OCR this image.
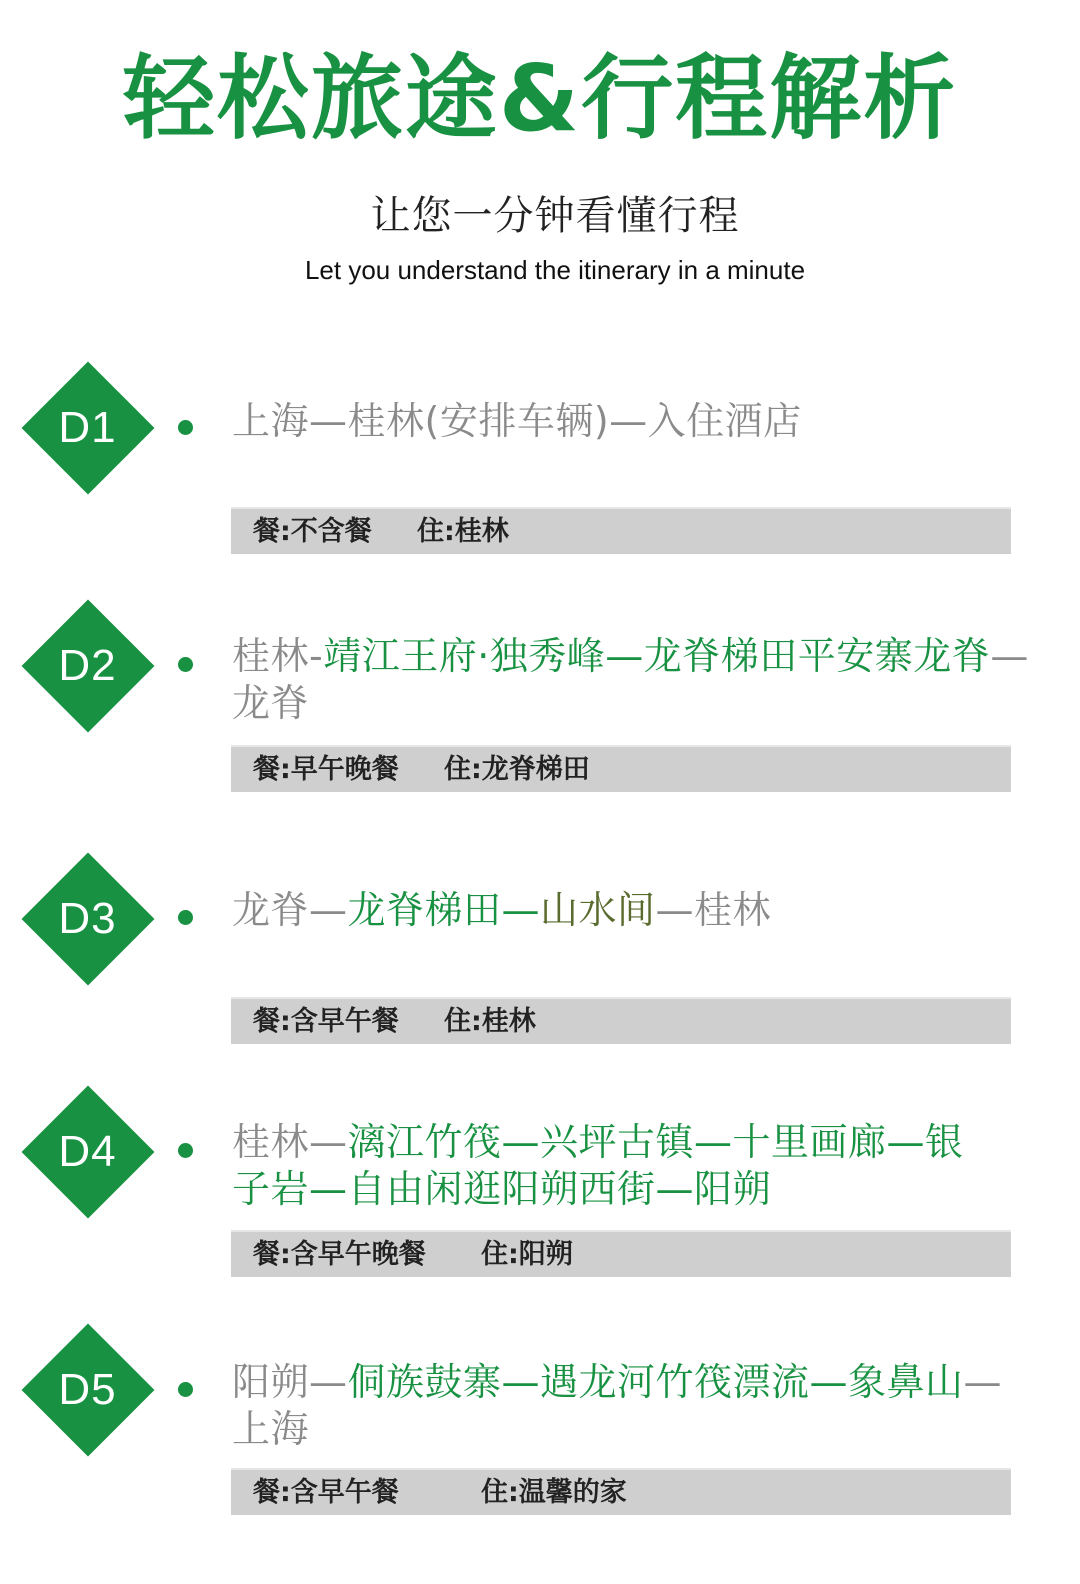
轻松旅途&行程解析
让您一分钟看懂行程
Let you understand the itinerary in a minute
D1	上海—桂林(安排车辆)—入住酒店
餐:不含餐 住:桂林
D2	桂林-靖江王府·独秀峰—龙脊梯田平安寨龙脊—龙脊
餐:早午晚餐 住:龙脊梯田
D3	龙脊—龙脊梯田—山水间—桂林
餐:含早午餐 住:桂林
D4	桂林—漓江竹筏—兴坪古镇—十里画廊—银子岩—自由闲逛阳朔西街—阳朔
餐:含早午晚餐 住:阳朔
D5	阳朔—侗族鼓寨—遇龙河竹筏漂流—象鼻山—上海
餐:含早午餐	住:温馨的家
